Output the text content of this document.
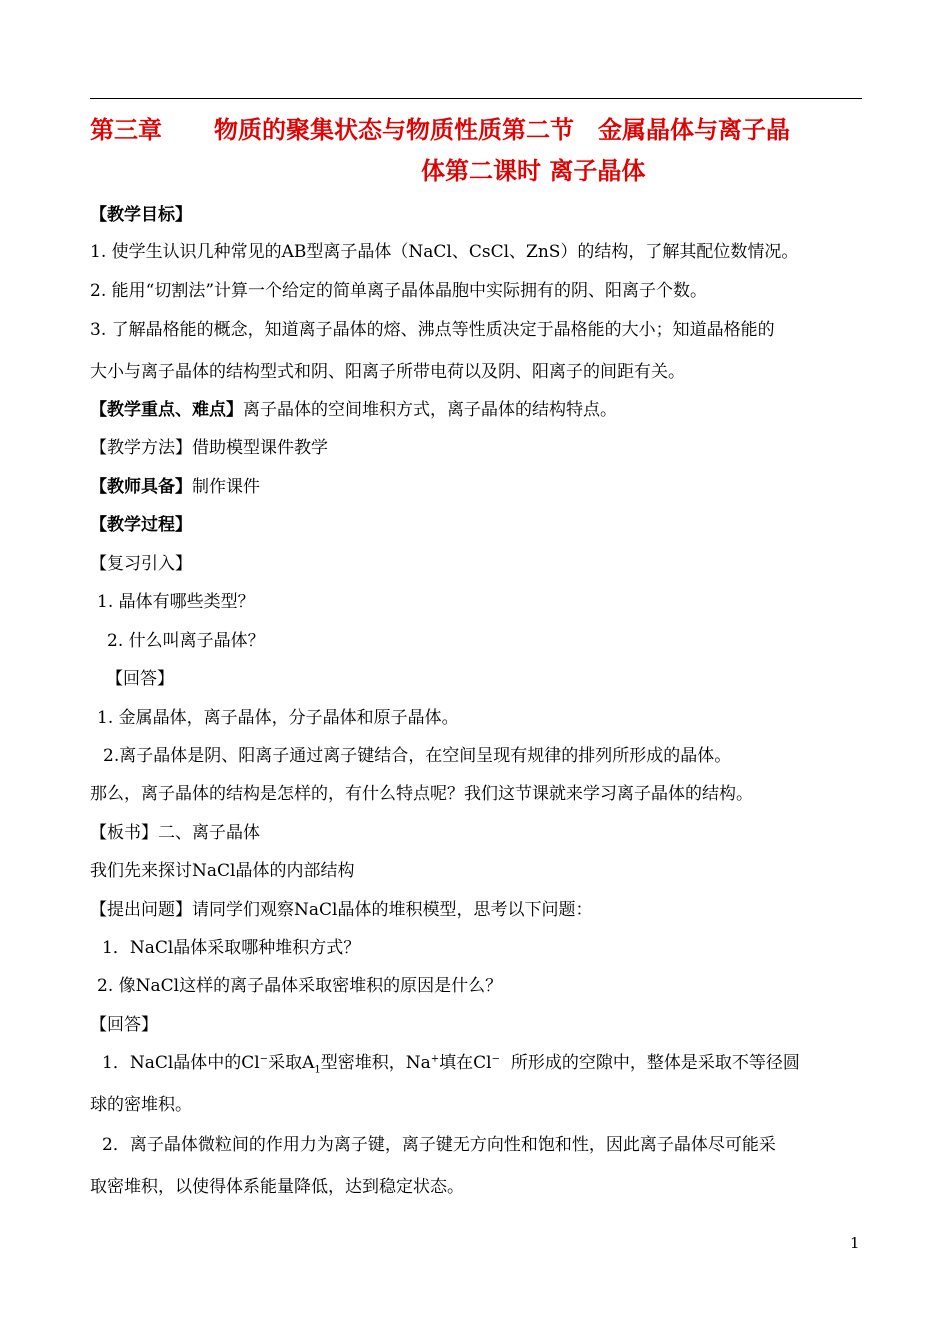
第三章 物质的聚集状态与物质性质第二节　金属晶体与离子晶
体第二课时 离子晶体
【教学目标】
1. 使学生认识几种常见的AB型离子晶体（NaCl、CsCl、ZnS）的结构，了解其配位数情况。
2. 能用“切割法”计算一个给定的简单离子晶体晶胞中实际拥有的阴、阳离子个数。
3. 了解晶格能的概念，知道离子晶体的熔、沸点等性质决定于晶格能的大小；知道晶格能的
大小与离子晶体的结构型式和阴、阳离子所带电荷以及阴、阳离子的间距有关。
【教学重点、难点】离子晶体的空间堆积方式，离子晶体的结构特点。
【教学方法】借助模型课件教学
【教师具备】制作课件
【教学过程】
【复习引入】
1. 晶体有哪些类型？
2. 什么叫离子晶体？
【回答】
1. 金属晶体，离子晶体，分子晶体和原子晶体。
2.离子晶体是阴、阳离子通过离子键结合，在空间呈现有规律的排列所形成的晶体。
那么，离子晶体的结构是怎样的，有什么特点呢？我们这节课就来学习离子晶体的结构。
【板书】二、离子晶体
我们先来探讨NaCl晶体的内部结构
【提出问题】请同学们观察NaCl晶体的堆积模型，思考以下问题：
1．NaCl晶体采取哪种堆积方式？
2. 像NaCl这样的离子晶体采取密堆积的原因是什么？
【回答】
1．NaCl晶体中的Cl−采取$A_1$型密堆积，Na+填在Cl−  所形成的空隙中，整体是采取不等径圆
球的密堆积。
2．离子晶体微粒间的作用力为离子键，离子键无方向性和饱和性，因此离子晶体尽可能采
取密堆积，以使得体系能量降低，达到稳定状态。
1
